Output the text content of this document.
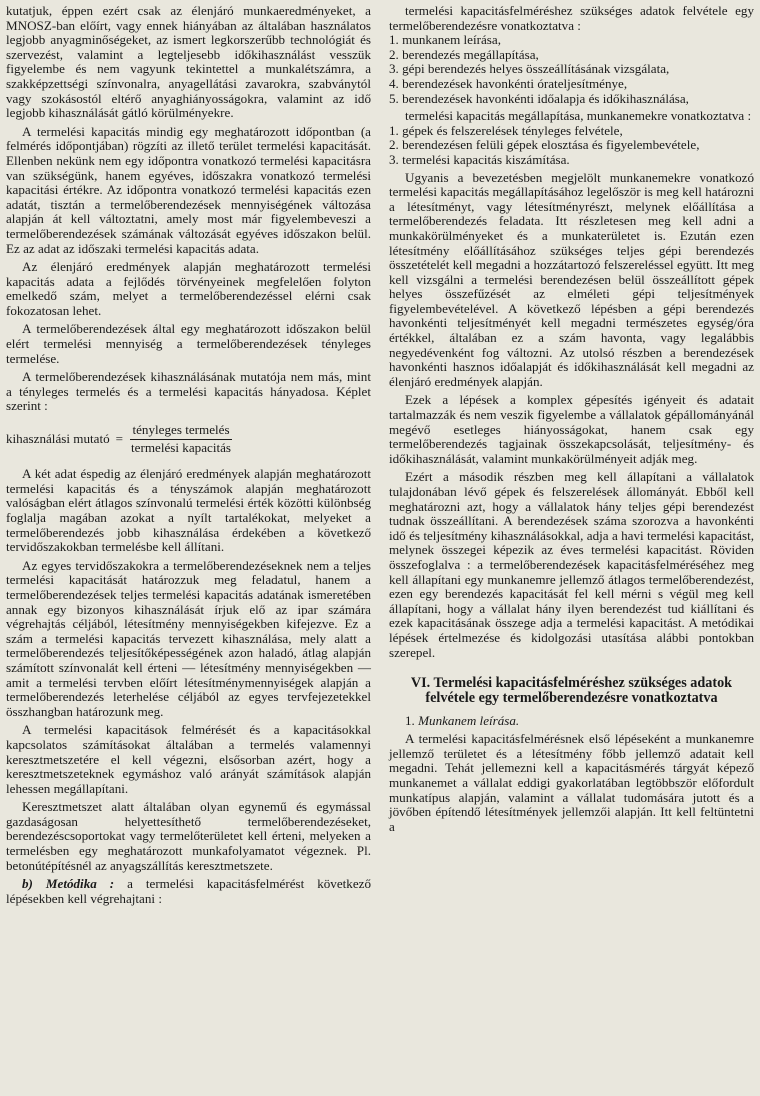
kutatjuk, éppen ezért csak az élenjáró munkaeredményeket, a MNOSZ-ban előírt, vagy ennek hiányában az általában használatos legjobb anyagminőségeket, az ismert legkorszerűbb technológiát és szervezést, valamint a legteljesebb időkihasználást vesszük figyelembe és nem vagyunk tekintettel a munkalétszámra, a szakképzettségi színvonalra, anyagellátási zavarokra, szabványtól vagy szokásostól eltérő anyaghiányosságokra, valamint az idő legjobb kihasználását gátló körülményekre.

A termelési kapacitás mindig egy meghatározott időpontban (a felmérés időpontjában) rögzíti az illető terület termelési kapacitását. Ellenben nekünk nem egy időpontra vonatkozó termelési kapacitásra van szükségünk, hanem egyéves, időszakra vonatkozó termelési kapacitási értékre. Az időpontra vonatkozó termelési kapacitás ezen adatát, tisztán a termelőberendezések mennyiségének változása alapján át kell változtatni, amely most már figyelembeveszi a termelőberendezések számának változását egyéves időszakon belül. Ez az adat az időszaki termelési kapacitás adata.

Az élenjáró eredmények alapján meghatározott termelési kapacitás adata a fejlődés törvényeinek megfelelően folyton emelkedő szám, melyet a termelőberendezéssel elérni csak fokozatosan lehet.

A termelőberendezések által egy meghatározott időszakon belül elért termelési mennyiség a termelőberendezések tényleges termelése.

A termelőberendezések kihasználásának mutatója nem más, mint a tényleges termelés és a termelési kapacitás hányadosa. Képlet szerint :

kihasználási mutató = $\frac{\text{tényleges termelés}}{\text{termelési kapacitás}}$

A két adat éspedig az élenjáró eredmények alapján meghatározott termelési kapacitás és a tényszámok alapján meghatározott valóságban elért átlagos színvonalú termelési érték közötti különbség foglalja magában azokat a nyílt tartalékokat, melyeket a termelőberendezés jobb kihasználása érdekében a következő tervidőszakokban termelésbe kell állítani.

Az egyes tervidőszakokra a termelőberendezéseknek nem a teljes termelési kapacitását határozzuk meg feladatul, hanem a termelőberendezések teljes termelési kapacitás adatának ismeretében annak egy bizonyos kihasználását írjuk elő az ipar számára végrehajtás céljából, létesítmény mennyiségekben kifejezve. Ez a szám a termelési kapacitás tervezett kihasználása, mely alatt a termelőberendezés teljesítőképességének azon haladó, átlag alapján számított színvonalát kell érteni — létesítmény mennyiségekben — amit a termelési tervben előírt létesítménymennyiségek alapján a termelőberendezés leterhelése céljából az egyes tervfejezetekkel összhangban határozunk meg.

A termelési kapacitások felmérését és a kapacitásokkal kapcsolatos számításokat általában a termelés valamennyi keresztmetszetére el kell végezni, elsősorban azért, hogy a keresztmetszeteknek egymáshoz való arányát számítások alapján lehessen megállapítani.

Keresztmetszet alatt általában olyan egynemű és egymással gazdaságosan helyettesíthető termelőberendezéseket, berendezéscsoportokat vagy termelőterületet kell érteni, melyeken a termelésben egy meghatározott munkafolyamatot végeznek. Pl. betonútépítésnél az anyagszállítás keresztmetszete.

b) Metódika : a termelési kapacitásfelmérést következő lépésekben kell végrehajtani :

termelési kapacitásfelméréshez szükséges adatok felvétele egy termelőberendezésre vonatkoztatva :

1. munkanem leírása,
2. berendezés megállapítása,
3. gépi berendezés helyes összeállításának vizsgálata,
4. berendezések havonkénti órateljesítménye,
5. berendezések havonkénti időalapja és időkihasználása,

termelési kapacitás megállapítása, munkanemekre vonatkoztatva :

1. gépek és felszerelések tényleges felvétele,
2. berendezésen felüli gépek elosztása és figyelembevétele,
3. termelési kapacitás kiszámítása.

Ugyanis a bevezetésben megjelölt munkanemekre vonatkozó termelési kapacitás megállapításához legelőször is meg kell határozni a létesítményt, vagy létesítményrészt, melynek előállítása a termelőberendezés feladata. Itt részletesen meg kell adni a munkakörülményeket és a munkaterületet is. Ezután ezen létesítmény előállításához szükséges teljes gépi berendezés összetételét kell megadni a hozzátartozó felszereléssel együtt. Itt meg kell vizsgálni a termelési berendezésen belül összeállított gépek helyes összefűzését az elméleti gépi teljesítmények figyelembevételével. A következő lépésben a gépi berendezés havonkénti teljesítményét kell megadni természetes egység/óra értékkel, általában ez a szám havonta, vagy legalábbis negyedévenként fog változni. Az utolsó részben a berendezések havonkénti hasznos időalapját és időkihasználását kell megadni az élenjáró eredmények alapján.

Ezek a lépések a komplex gépesítés igényeit és adatait tartalmazzák és nem veszik figyelembe a vállalatok gépállományánál megévő esetleges hiányosságokat, hanem csak egy termelőberendezés tagjainak összekapcsolását, teljesítmény- és időkihasználását, valamint munkakörülményeit adják meg.

Ezért a második részben meg kell állapítani a vállalatok tulajdonában lévő gépek és felszerelések állományát. Ebből kell meghatározni azt, hogy a vállalatok hány teljes gépi berendezést tudnak összeállítani. A berendezések száma szorozva a havonkénti idő és teljesítmény kihasználásokkal, adja a havi termelési kapacitást, melynek összegei képezik az éves termelési kapacitást. Röviden összefoglalva : a termelőberendezések kapacitásfelméréséhez meg kell állapítani egy munkanemre jellemző átlagos termelőberendezést, ezen egy berendezés kapacitását fel kell mérni s végül meg kell állapítani, hogy a vállalat hány ilyen berendezést tud kiállítani és ezek kapacitásának összege adja a termelési kapacitást. A metódikai lépések értelmezése és kidolgozási utasítása alábbi pontokban szerepel.

VI. Termelési kapacitásfelméréshez szükséges adatok felvétele egy termelőberendezésre vonatkoztatva

1. Munkanem leírása.

A termelési kapacitásfelmérésnek első lépéseként a munkanemre jellemző területet és a létesítmény főbb jellemző adatait kell megadni. Tehát jellemezni kell a kapacitásmérés tárgyát képező munkanemet a vállalat eddigi gyakorlatában legtöbbször előfordult munkatípus alapján, valamint a vállalat tudomására jutott és a jövőben építendő létesítmények jellemzői alapján. Itt kell feltüntetni a
